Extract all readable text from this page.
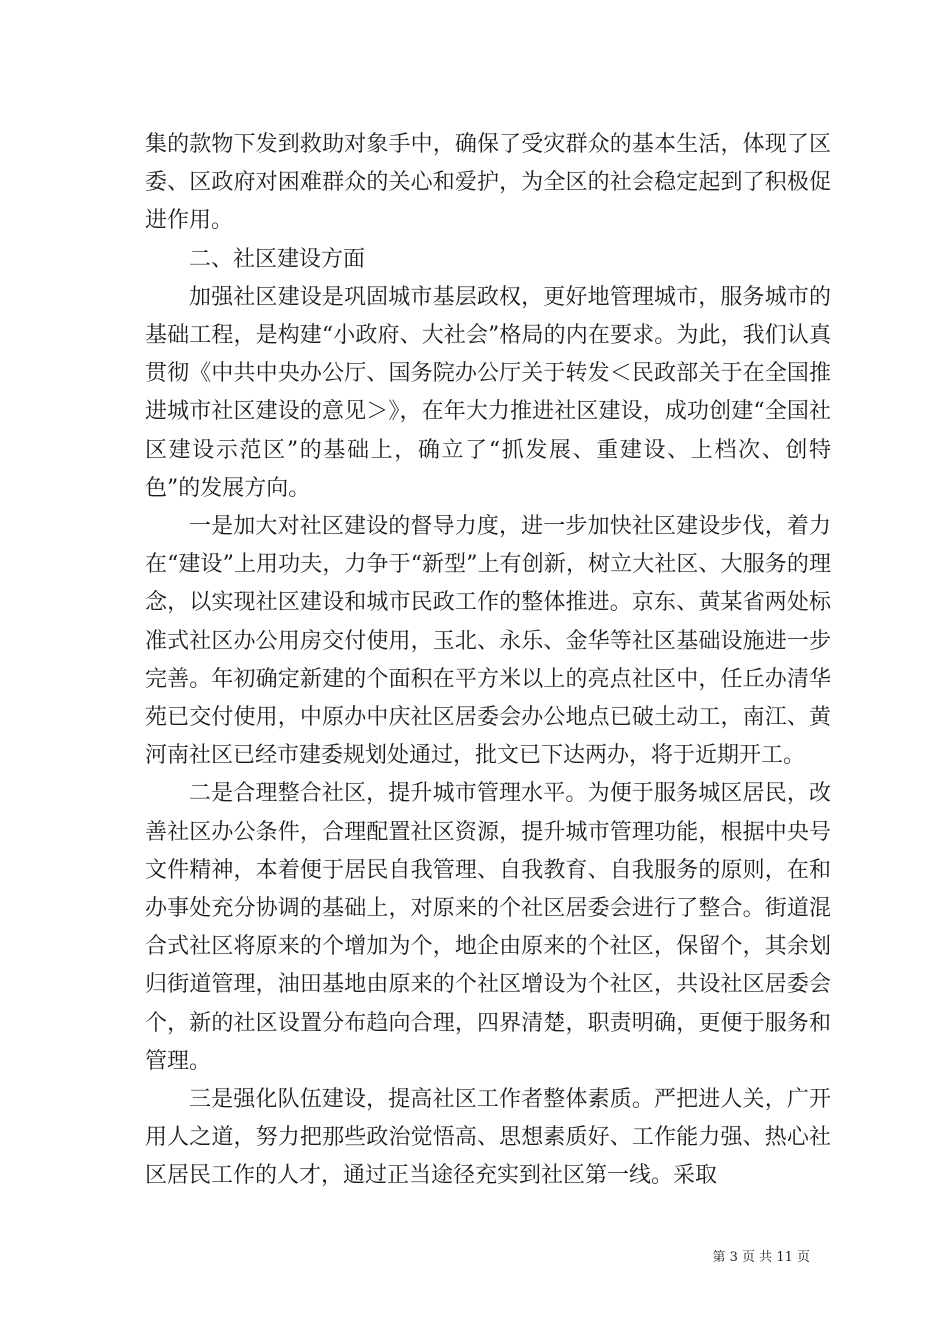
集的款物下发到救助对象手中，确保了受灾群众的基本生活，体现了区委、区政府对困难群众的关心和爱护，为全区的社会稳定起到了积极促进作用。

二、社区建设方面

加强社区建设是巩固城市基层政权，更好地管理城市，服务城市的基础工程，是构建“小政府、大社会”格局的内在要求。为此，我们认真贯彻《中共中央办公厅、国务院办公厅关于转发＜民政部关于在全国推进城市社区建设的意见＞》，在年大力推进社区建设，成功创建“全国社区建设示范区”的基础上，确立了“抓发展、重建设、上档次、创特色”的发展方向。

一是加大对社区建设的督导力度，进一步加快社区建设步伐，着力在“建设”上用功夫，力争于“新型”上有创新，树立大社区、大服务的理念，以实现社区建设和城市民政工作的整体推进。京东、黄某省两处标准式社区办公用房交付使用，玉北、永乐、金华等社区基础设施进一步完善。年初确定新建的个面积在平方米以上的亮点社区中，任丘办清华苑已交付使用，中原办中庆社区居委会办公地点已破土动工，南江、黄河南社区已经市建委规划处通过，批文已下达两办，将于近期开工。

二是合理整合社区，提升城市管理水平。为便于服务城区居民，改善社区办公条件，合理配置社区资源，提升城市管理功能，根据中央号文件精神，本着便于居民自我管理、自我教育、自我服务的原则，在和办事处充分协调的基础上，对原来的个社区居委会进行了整合。街道混合式社区将原来的个增加为个，地企由原来的个社区，保留个，其余划归街道管理，油田基地由原来的个社区增设为个社区，共设社区居委会个，新的社区设置分布趋向合理，四界清楚，职责明确，更便于服务和管理。

三是强化队伍建设，提高社区工作者整体素质。严把进人关，广开用人之道，努力把那些政治觉悟高、思想素质好、工作能力强、热心社区居民工作的人才，通过正当途径充实到社区第一线。采取

第 3 页 共 11 页
